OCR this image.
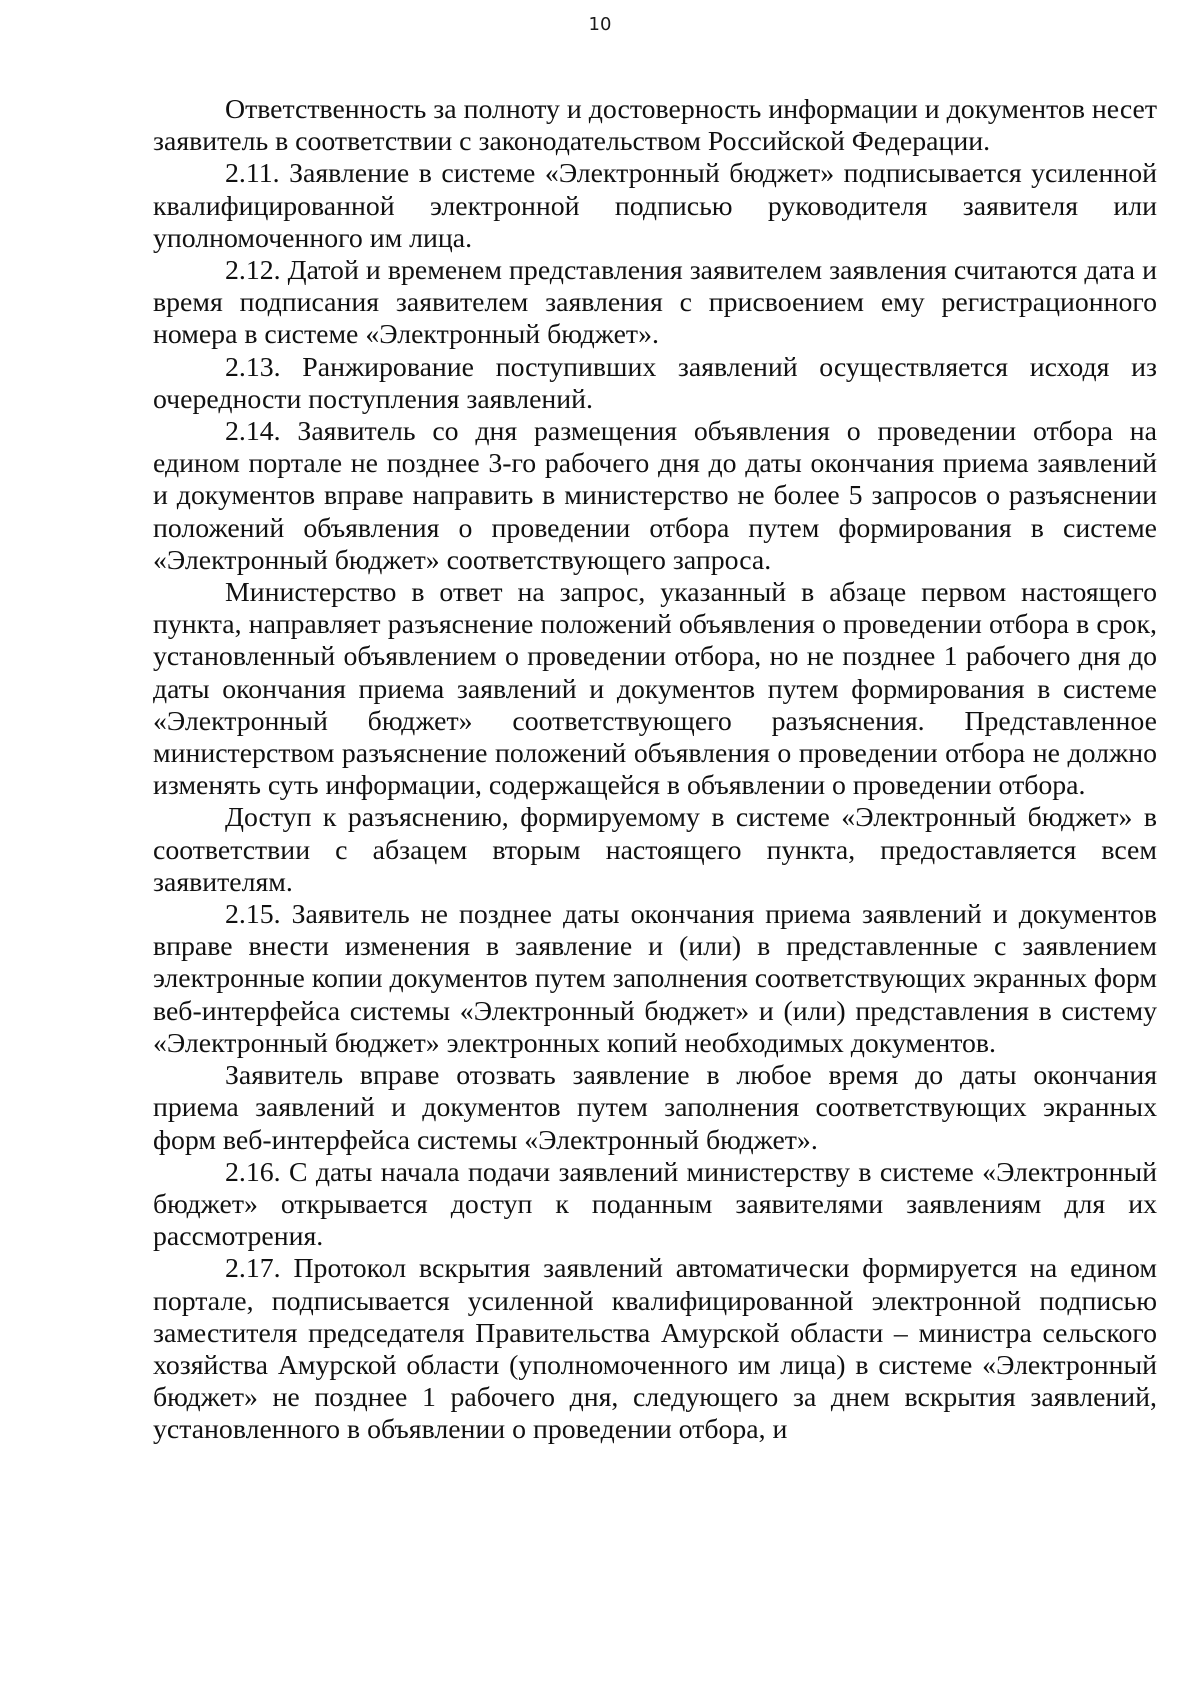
10

Ответственность за полноту и достоверность информации и документов несет заявитель в соответствии с законодательством Российской Федерации.

2.11. Заявление в системе «Электронный бюджет» подписывается усиленной квалифицированной электронной подписью руководителя заявителя или уполномоченного им лица.

2.12. Датой и временем представления заявителем заявления считаются дата и время подписания заявителем заявления с присвоением ему регистрационного номера в системе «Электронный бюджет».

2.13. Ранжирование поступивших заявлений осуществляется исходя из очередности поступления заявлений.

2.14. Заявитель со дня размещения объявления о проведении отбора на едином портале не позднее 3-го рабочего дня до даты окончания приема заявлений и документов вправе направить в министерство не более 5 запросов о разъяснении положений объявления о проведении отбора путем формирования в системе «Электронный бюджет» соответствующего запроса.

Министерство в ответ на запрос, указанный в абзаце первом настоящего пункта, направляет разъяснение положений объявления о проведении отбора в срок, установленный объявлением о проведении отбора, но не позднее 1 рабочего дня до даты окончания приема заявлений и документов путем формирования в системе «Электронный бюджет» соответствующего разъяснения. Представленное министерством разъяснение положений объявления о проведении отбора не должно изменять суть информации, содержащейся в объявлении о проведении отбора.

Доступ к разъяснению, формируемому в системе «Электронный бюджет» в соответствии с абзацем вторым настоящего пункта, предоставляется всем заявителям.

2.15. Заявитель не позднее даты окончания приема заявлений и документов вправе внести изменения в заявление и (или) в представленные с заявлением электронные копии документов путем заполнения соответствующих экранных форм веб-интерфейса системы «Электронный бюджет» и (или) представления в систему «Электронный бюджет» электронных копий необходимых документов.

Заявитель вправе отозвать заявление в любое время до даты окончания приема заявлений и документов путем заполнения соответствующих экранных форм веб-интерфейса системы «Электронный бюджет».

2.16. С даты начала подачи заявлений министерству в системе «Электронный бюджет» открывается доступ к поданным заявителями заявлениям для их рассмотрения.

2.17. Протокол вскрытия заявлений автоматически формируется на едином портале, подписывается усиленной квалифицированной электронной подписью заместителя председателя Правительства Амурской области – министра сельского хозяйства Амурской области (уполномоченного им лица) в системе «Электронный бюджет» не позднее 1 рабочего дня, следующего за днем вскрытия заявлений, установленного в объявлении о проведении отбора, и
